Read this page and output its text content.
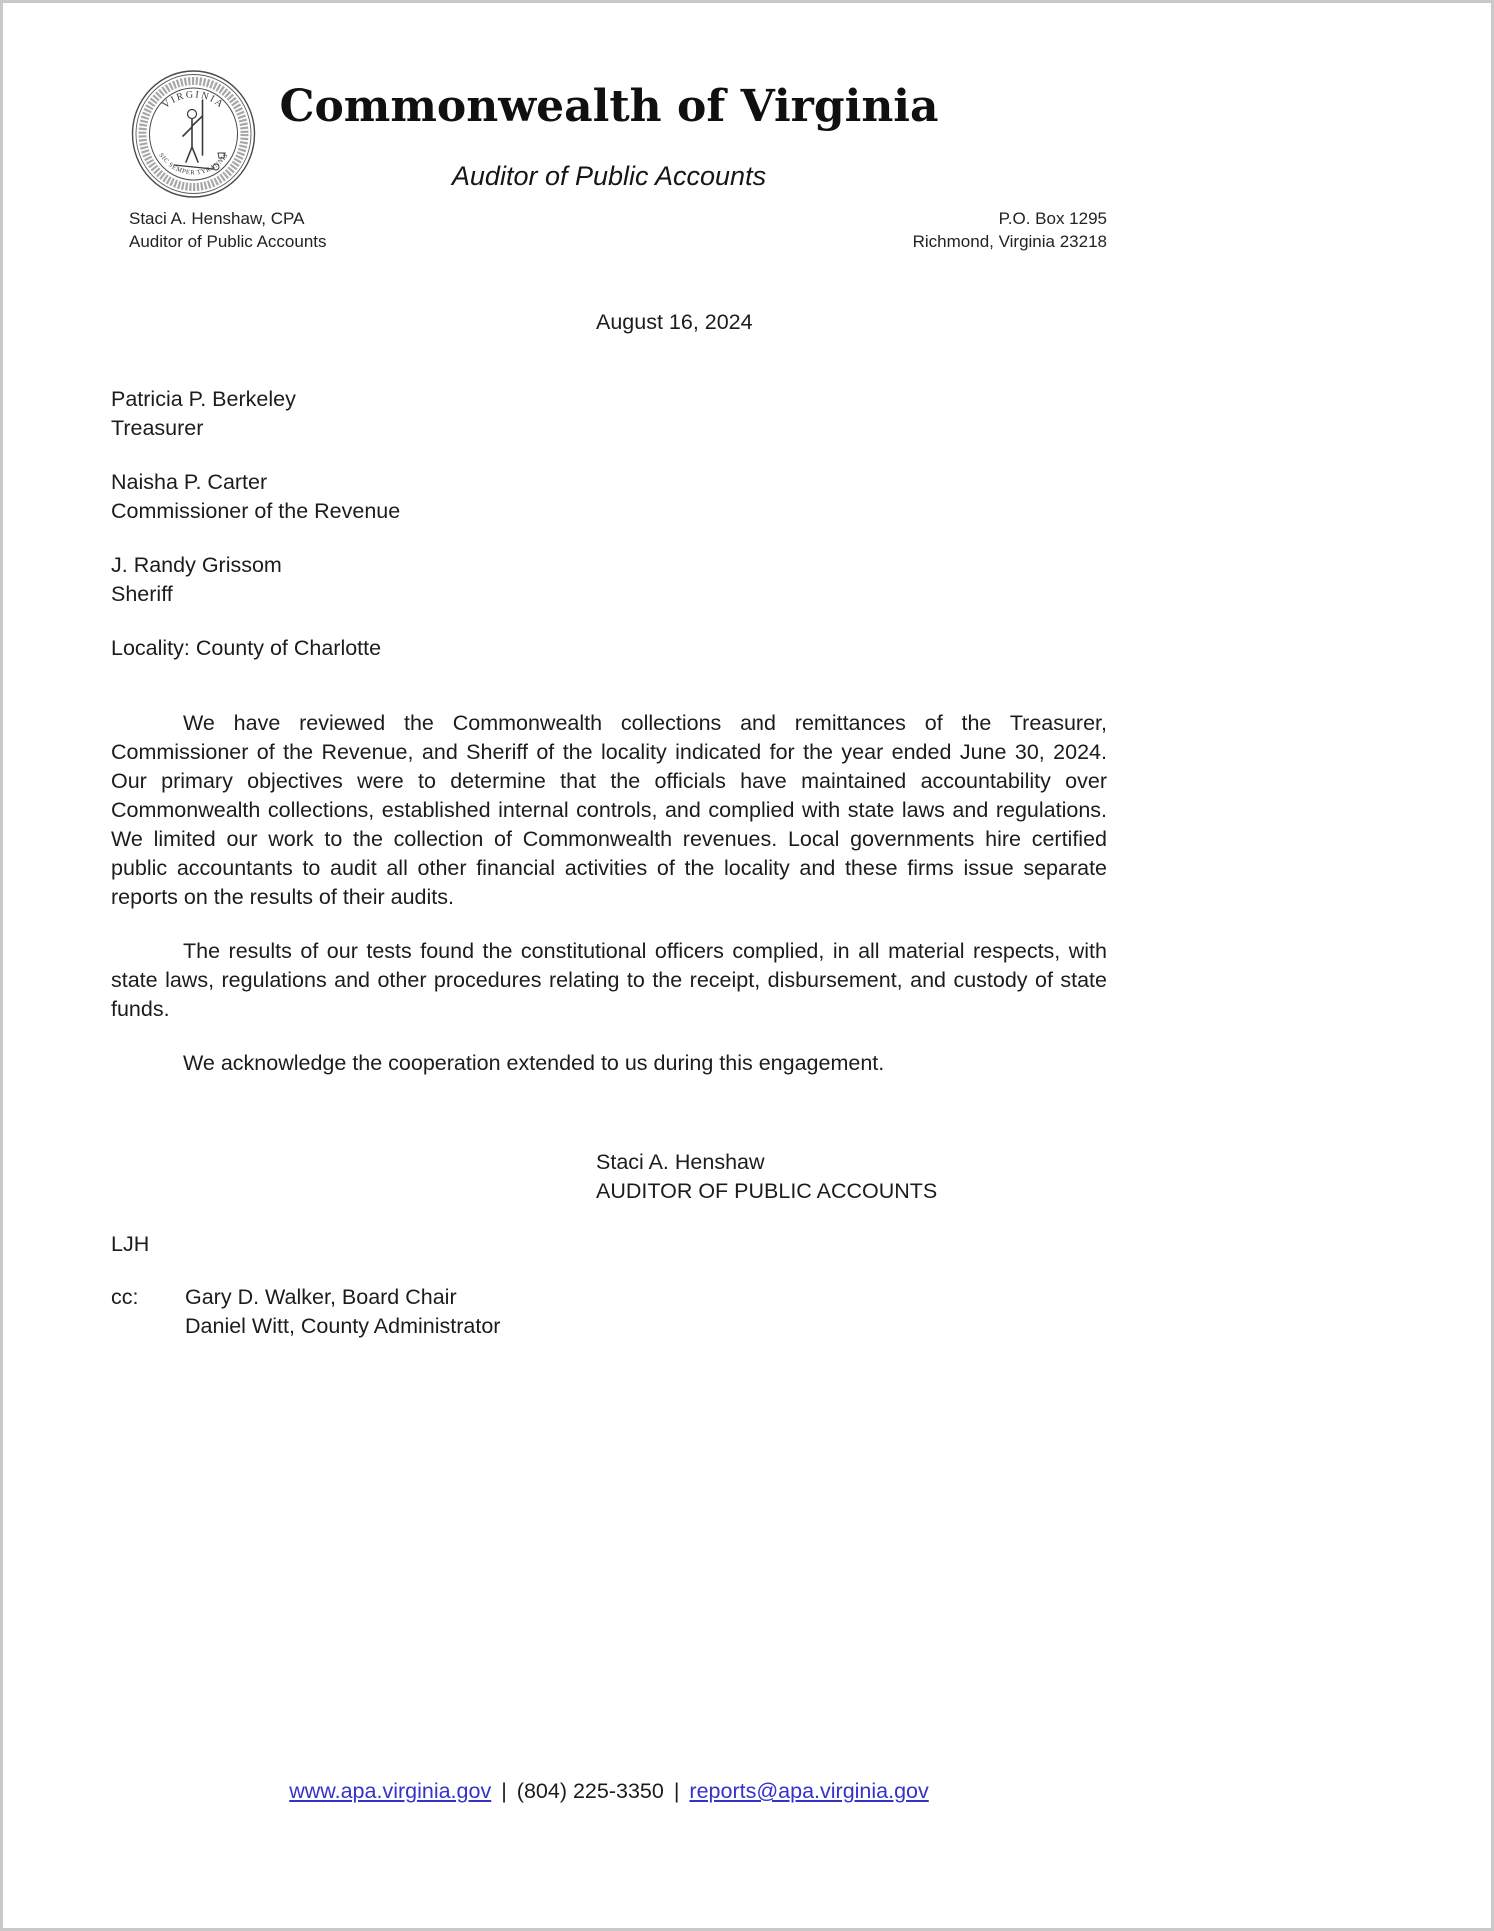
VIRGINIA
SIC SEMPER TYRANNIS
Commonwealth of Virginia
Auditor of Public Accounts
Staci A. Henshaw, CPA
Auditor of Public Accounts
P.O. Box 1295
Richmond, Virginia 23218
August 16, 2024
Patricia P. Berkeley
Treasurer
Naisha P. Carter
Commissioner of the Revenue
J. Randy Grissom
Sheriff
Locality: County of Charlotte

We have reviewed the Commonwealth collections and remittances of the Treasurer, Commissioner of the Revenue, and Sheriff of the locality indicated for the year ended June 30, 2024. Our primary objectives were to determine that the officials have maintained accountability over Commonwealth collections, established internal controls, and complied with state laws and regulations. We limited our work to the collection of Commonwealth revenues. Local governments hire certified public accountants to audit all other financial activities of the locality and these firms issue separate reports on the results of their audits.

The results of our tests found the constitutional officers complied, in all material respects, with state laws, regulations and other procedures relating to the receipt, disbursement, and custody of state funds.

We acknowledge the cooperation extended to us during this engagement.

Staci A. Henshaw
AUDITOR OF PUBLIC ACCOUNTS
LJH
cc:	Gary D. Walker, Board Chair
Daniel Witt, County Administrator
www.apa.virginia.gov | (804) 225-3350 | reports@apa.virginia.gov
